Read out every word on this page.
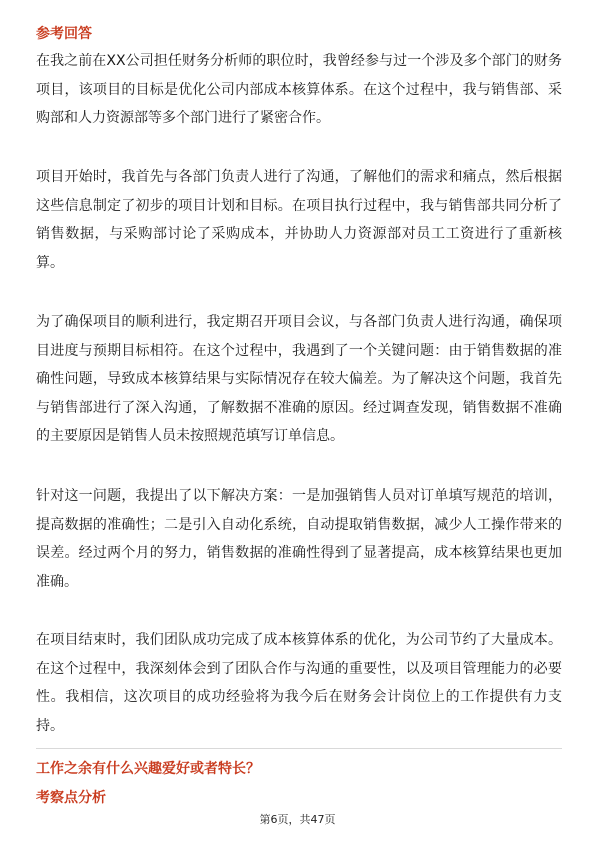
参考回答

在我之前在XX公司担任财务分析师的职位时，我曾经参与过一个涉及多个部门的财务项目，该项目的目标是优化公司内部成本核算体系。在这个过程中，我与销售部、采购部和人力资源部等多个部门进行了紧密合作。

项目开始时，我首先与各部门负责人进行了沟通，了解他们的需求和痛点，然后根据这些信息制定了初步的项目计划和目标。在项目执行过程中，我与销售部共同分析了销售数据，与采购部讨论了采购成本，并协助人力资源部对员工工资进行了重新核算。

为了确保项目的顺利进行，我定期召开项目会议，与各部门负责人进行沟通，确保项目进度与预期目标相符。在这个过程中，我遇到了一个关键问题：由于销售数据的准确性问题，导致成本核算结果与实际情况存在较大偏差。为了解决这个问题，我首先与销售部进行了深入沟通，了解数据不准确的原因。经过调查发现，销售数据不准确的主要原因是销售人员未按照规范填写订单信息。

针对这一问题，我提出了以下解决方案：一是加强销售人员对订单填写规范的培训，提高数据的准确性；二是引入自动化系统，自动提取销售数据，减少人工操作带来的误差。经过两个月的努力，销售数据的准确性得到了显著提高，成本核算结果也更加准确。

在项目结束时，我们团队成功完成了成本核算体系的优化，为公司节约了大量成本。在这个过程中，我深刻体会到了团队合作与沟通的重要性，以及项目管理能力的必要性。我相信，这次项目的成功经验将为我今后在财务会计岗位上的工作提供有力支持。

工作之余有什么兴趣爱好或者特长？
考察点分析
第6页，共47页
